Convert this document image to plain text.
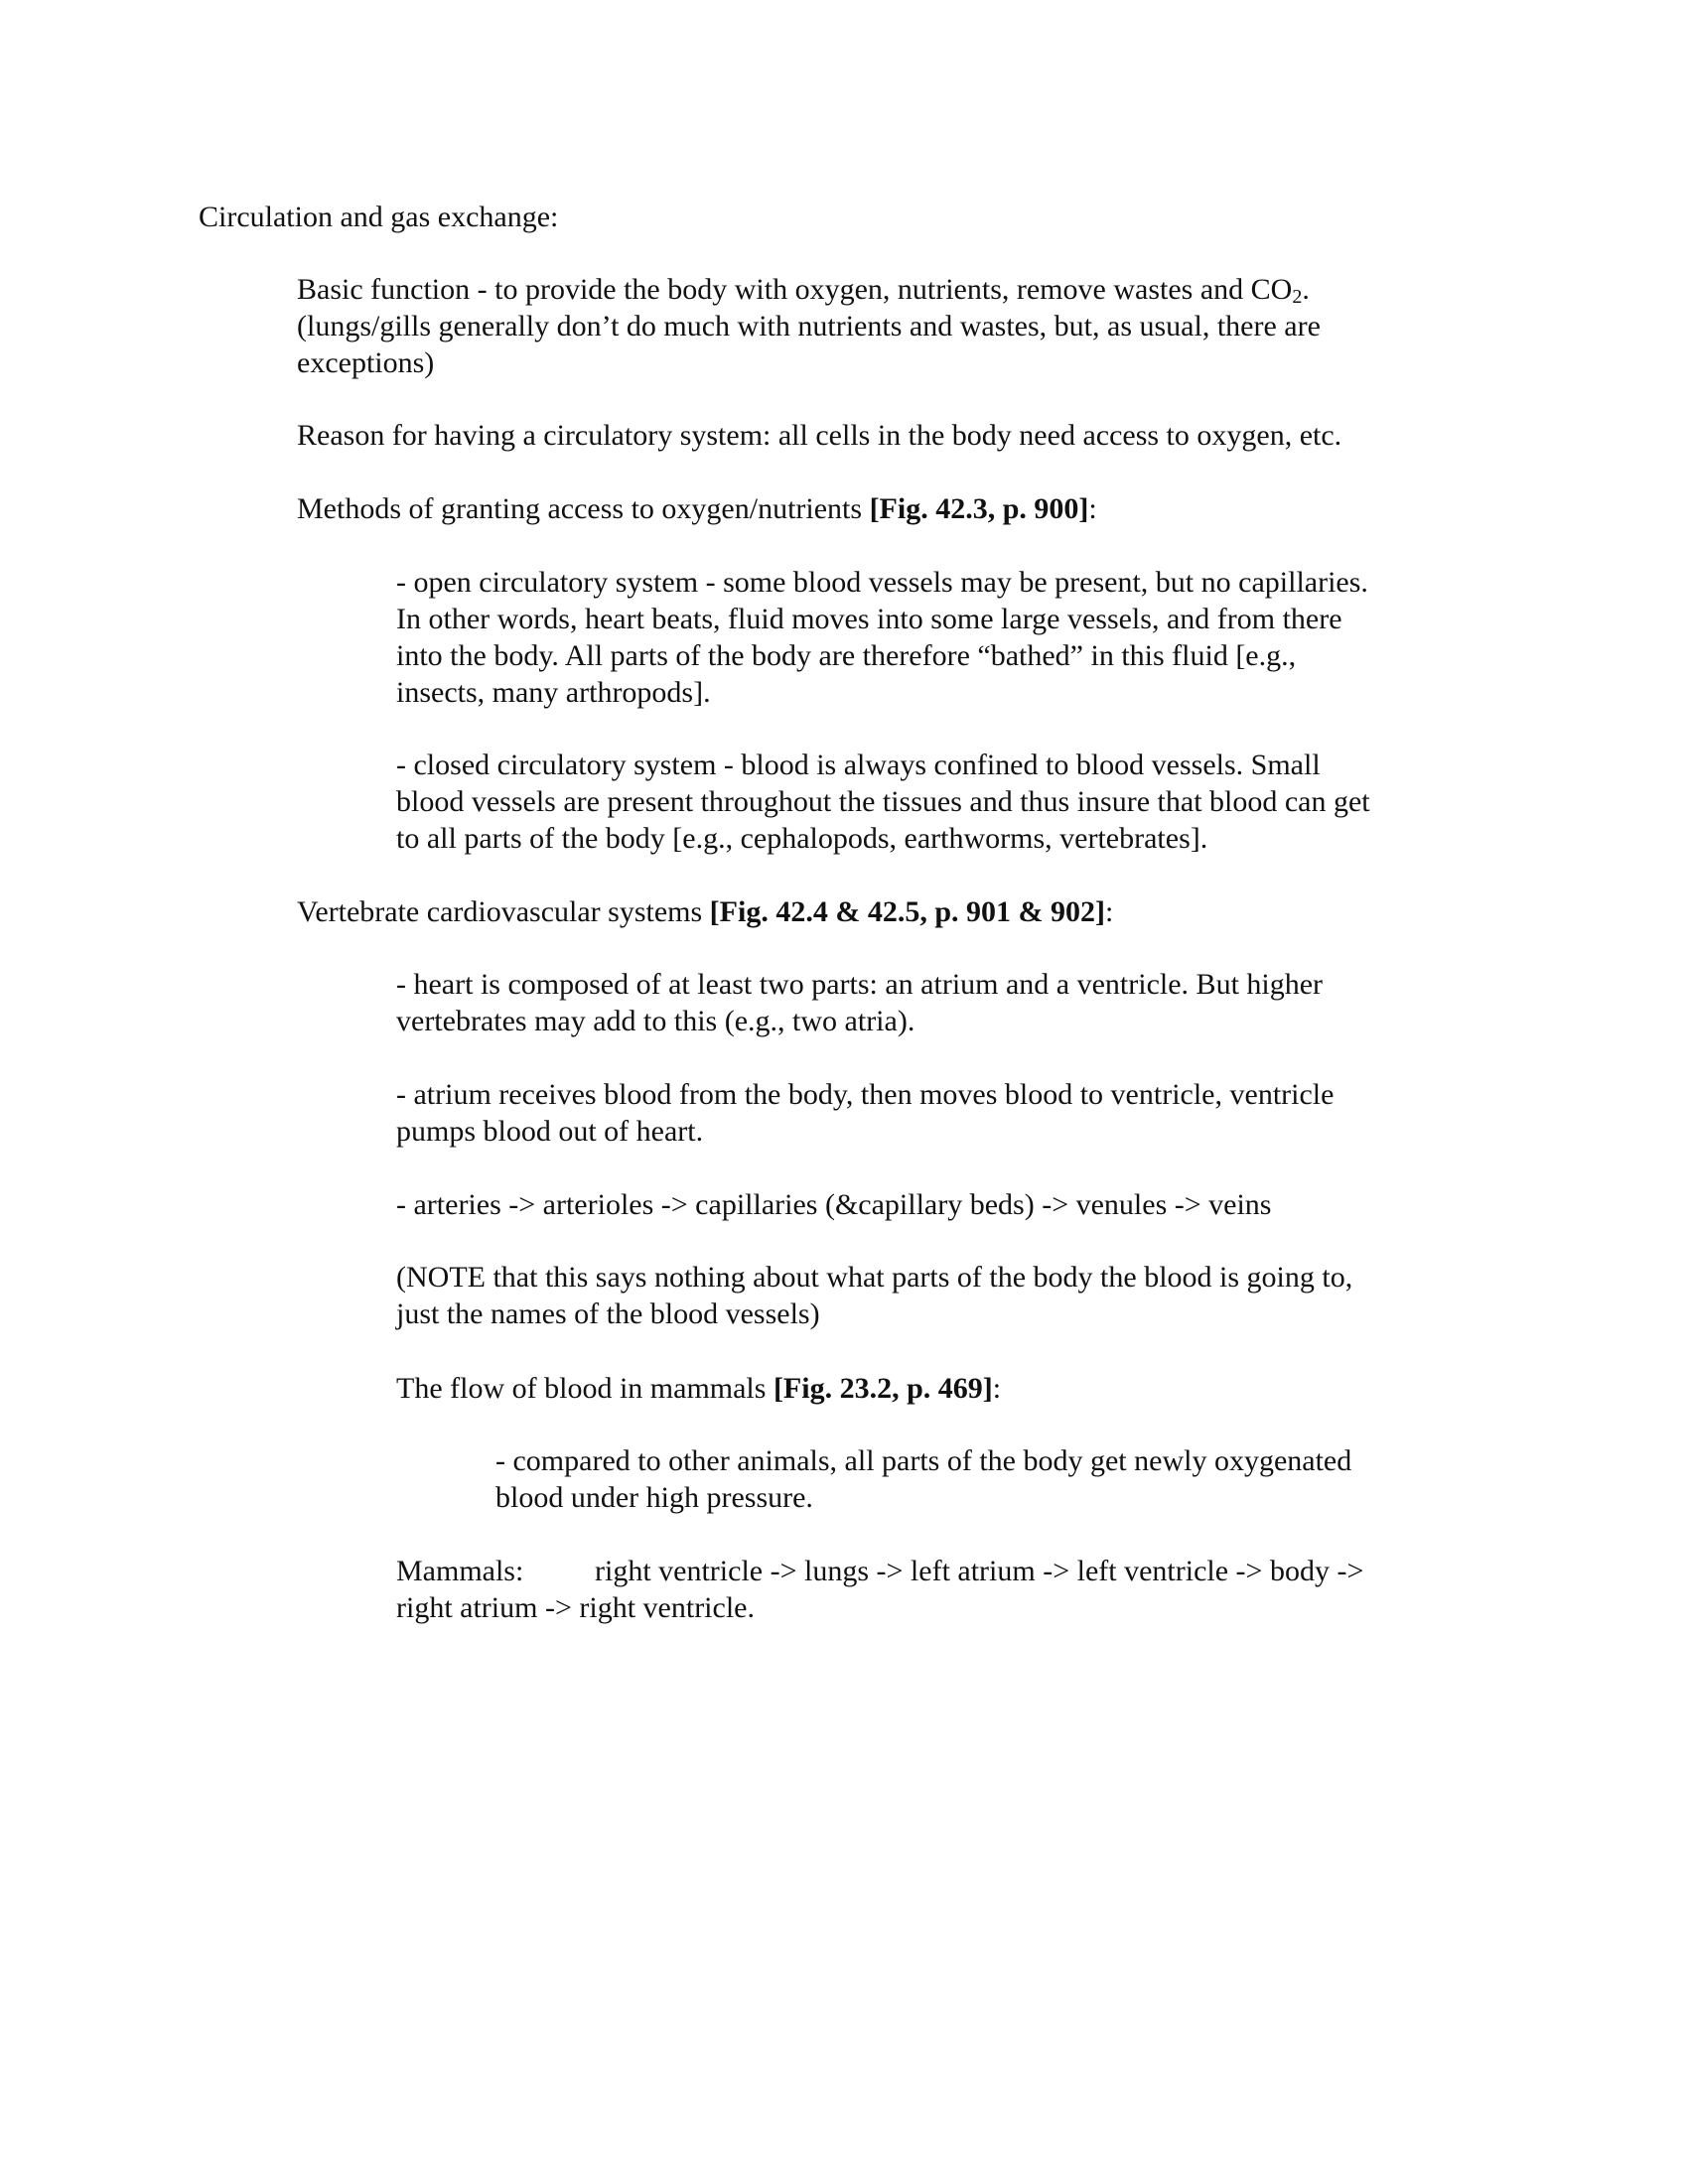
Circulation and gas exchange:

Basic function - to provide the body with oxygen, nutrients, remove wastes and $CO_2$.
(lungs/gills generally don’t do much with nutrients and wastes, but, as usual, there are
exceptions)

Reason for having a circulatory system: all cells in the body need access to oxygen, etc.

Methods of granting access to oxygen/nutrients [Fig. 42.3, p. 900]:

- open circulatory system - some blood vessels may be present, but no capillaries.
In other words, heart beats, fluid moves into some large vessels, and from there
into the body. All parts of the body are therefore “bathed” in this fluid [e.g.,
insects, many arthropods].

- closed circulatory system - blood is always confined to blood vessels. Small
blood vessels are present throughout the tissues and thus insure that blood can get
to all parts of the body [e.g., cephalopods, earthworms, vertebrates].

Vertebrate cardiovascular systems [Fig. 42.4 & 42.5, p. 901 & 902]:

- heart is composed of at least two parts: an atrium and a ventricle. But higher
vertebrates may add to this (e.g., two atria).

- atrium receives blood from the body, then moves blood to ventricle, ventricle
pumps blood out of heart.

- arteries -> arterioles -> capillaries (&capillary beds) -> venules -> veins

(NOTE that this says nothing about what parts of the body the blood is going to,
just the names of the blood vessels)

The flow of blood in mammals [Fig. 23.2, p. 469]:

- compared to other animals, all parts of the body get newly oxygenated
blood under high pressure.

Mammals: right ventricle -> lungs -> left atrium -> left ventricle -> body ->
right atrium -> right ventricle.
